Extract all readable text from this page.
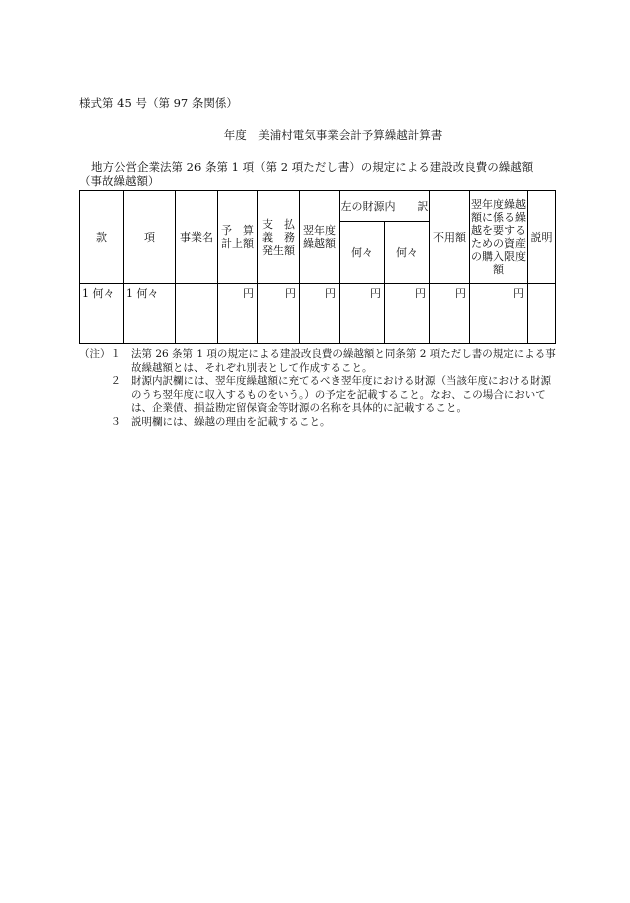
様式第 45 号（第 97 条関係）
年度　美浦村電気事業会計予算繰越計算書
地方公営企業法第 26 条第 1 項（第 2 項ただし書）の規定による建設改良費の繰越額
（事故繰越額）
款	項	事業名	予　算計上額	支　払義　務発生額	翌年度繰越額	左の財源内　　訳		不用額	翌年度繰越額に係る繰越を要するための資産の購入限度額	説明
						何々	何々			
1 何々	1 何々		円	円	円	円	円	円	円	
（注）１ 法第 26 条第 1 項の規定による建設改良費の繰越額と同条第 2 項ただし書の規定による事故繰越額とは、それぞれ別表として作成すること。
２ 財源内訳欄には、翌年度繰越額に充てるべき翌年度における財源（当該年度における財源のうち翌年度に収入するものをいう。）の予定を記載すること。なお、この場合においては、企業債、損益勘定留保資金等財源の名称を具体的に記載すること。
３ 説明欄には、繰越の理由を記載すること。
